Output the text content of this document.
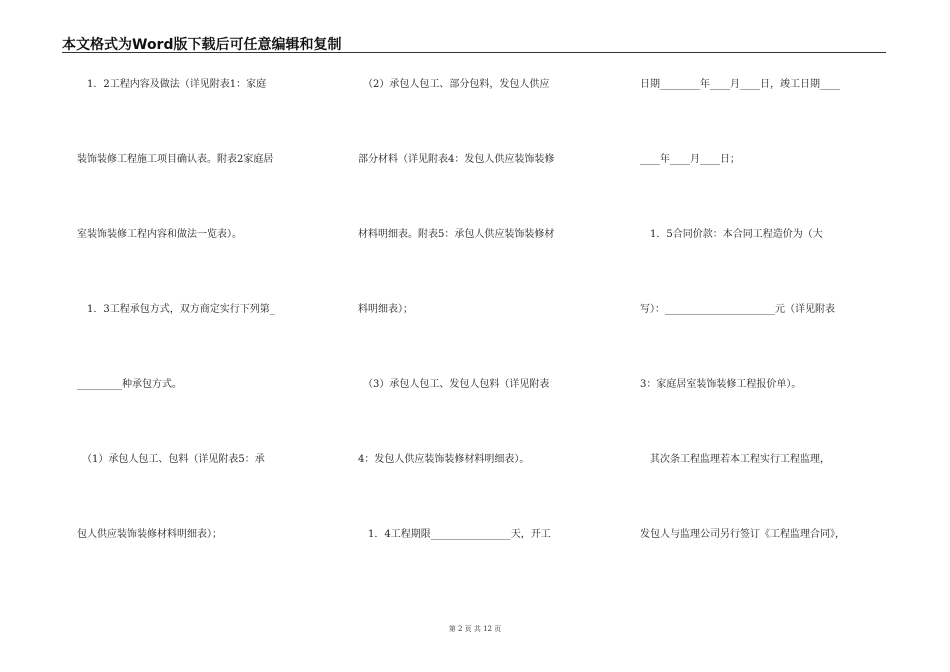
本文格式为Word版下载后可任意编辑和复制
　1．2工程内容及做法（详见附表1：家庭
装饰装修工程施工项目确认表。附表2家庭居
室装饰装修工程内容和做法一览表）。
　1．3工程承包方式，双方商定实行下列第_
_________种承包方式。
　（1）承包人包工、包料（详见附表5：承
包人供应装饰装修材料明细表）；
　（2）承包人包工、部分包料，发包人供应
部分材料（详见附表4：发包人供应装饰装修
材料明细表。附表5：承包人供应装饰装修材
料明细表）；
　（3）承包人包工、发包人包料（详见附表
4：发包人供应装饰装修材料明细表）。
　1．4工程期限________________天，开工
日期________年____月____日，竣工日期____
____年____月____日；
　1．5合同价款：本合同工程造价为（大
写）：______________________元（详见附表
3：家庭居室装饰装修工程报价单）。
　其次条工程监理若本工程实行工程监理，
发包人与监理公司另行签订《工程监理合同》，
第 2 页 共 12 页
